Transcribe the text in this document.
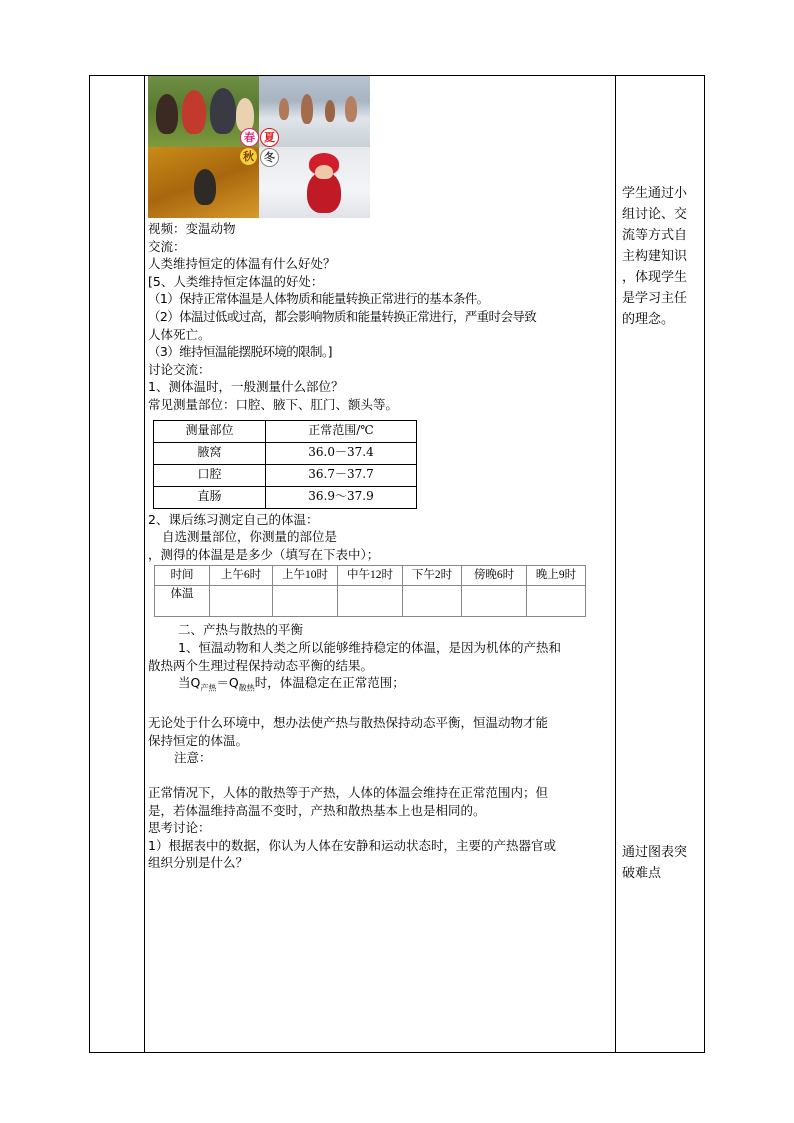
春 夏
秋 冬
视频：变温动物
交流：
人类维持恒定的体温有什么好处？
[5、人类维持恒定体温的好处：
（1）保持正常体温是人体物质和能量转换正常进行的基本条件。
（2）体温过低或过高，都会影响物质和能量转换正常进行，严重时会导致
人体死亡。
（3）维持恒温能摆脱环境的限制。]
讨论交流：
1、测体温时，一般测量什么部位？
常见测量部位：口腔、腋下、肛门、额头等。
测量部位	正常范围/℃
腋窝	36.0－37.4
口腔	36.7－37.7
直肠	36.9～37.9
2、课后练习测定自己的体温：
自选测量部位，你测量的部位是
，测得的体温是是多少（填写在下表中）；
时间	上午6时	上午10时	中午12时	下午2时	傍晚6时	晚上9时
体温						
二、产热与散热的平衡
1、恒温动物和人类之所以能够维持稳定的体温，是因为机体的产热和
散热两个生理过程保持动态平衡的结果。
当$Q_{产热}=Q_{散热}$时，体温稳定在正常范围；
无论处于什么环境中，想办法使产热与散热保持动态平衡，恒温动物才能
保持恒定的体温。
注意：
正常情况下，人体的散热等于产热，人体的体温会维持在正常范围内；但
是，若体温维持高温不变时，产热和散热基本上也是相同的。
思考讨论：
1）根据表中的数据，你认为人体在安静和运动状态时，主要的产热器官或
组织分别是什么？
学生通过小
组讨论、交
流等方式自
主构建知识
，体现学生
是学习主任
的理念。
通过图表突
破难点
